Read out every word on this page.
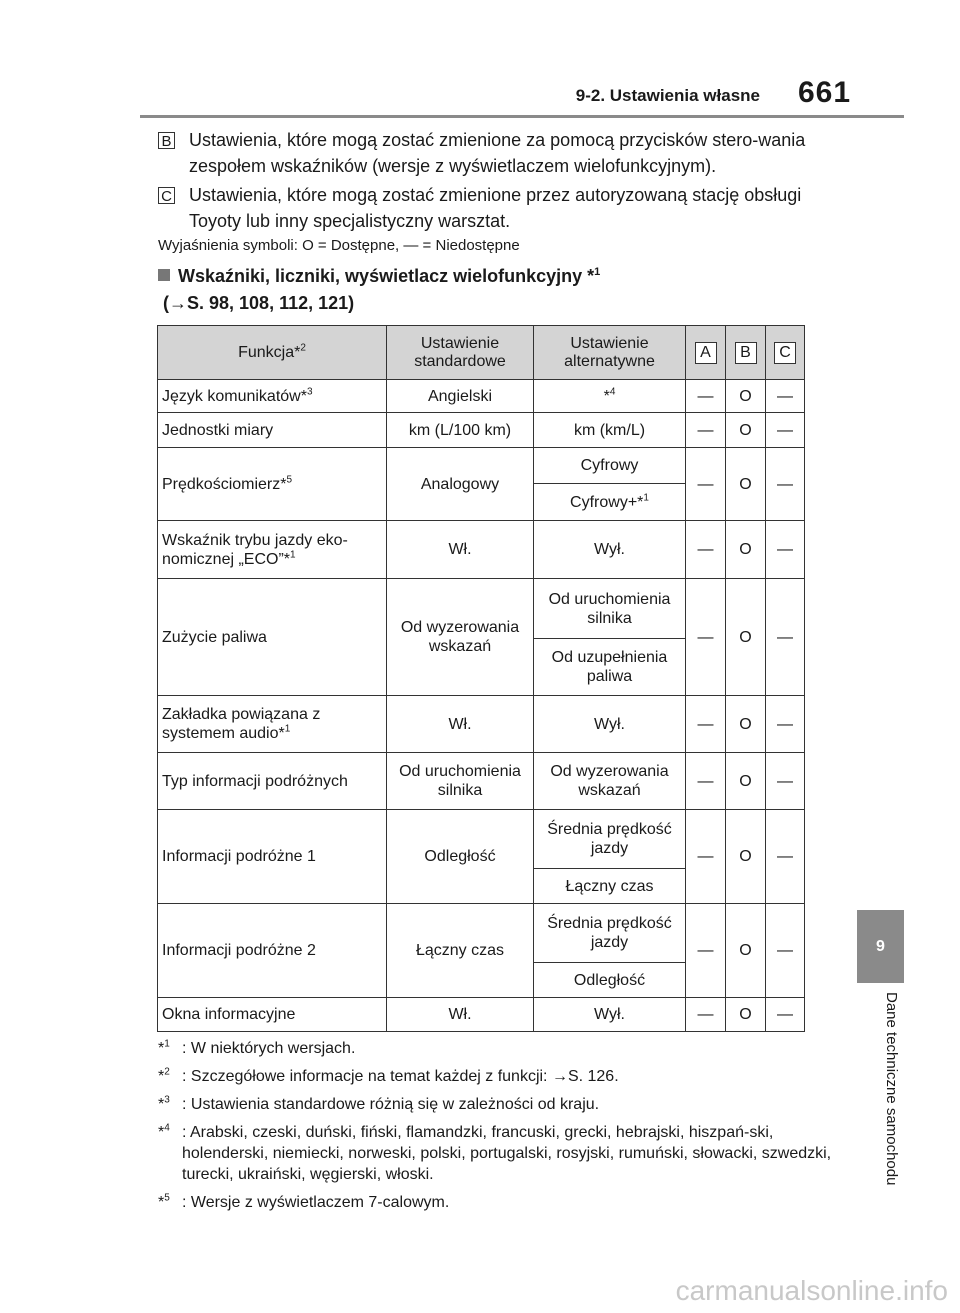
9-2. Ustawienia własne 661
B Ustawienia, które mogą zostać zmienione za pomocą przycisków stero-wania zespołem wskaźników (wersje z wyświetlaczem wielofunkcyjnym).
C Ustawienia, które mogą zostać zmienione przez autoryzowaną stację obsługi Toyoty lub inny specjalistyczny warsztat.
Wyjaśnienia symboli: O = Dostępne, — = Niedostępne
Wskaźniki, liczniki, wyświetlacz wielofunkcyjny *$^1$
(→S. 98, 108, 112, 121)
Funkcja*$^2$	Ustawienie standardowe	Ustawienie alternatywne	A	B	C
Język komunikatów*$^3$	Angielski	*$^4$	—	O	—
Jednostki miary	km (L/100 km)	km (km/L)	—	O	—
Prędkościomierz*$^5$	Analogowy	Cyfrowy	—	O	—
		Cyfrowy+*$^1$
Wskaźnik trybu jazdy eko-nomicznej „ECO”*$^1$	Wł.	Wył.	—	O	—
Zużycie paliwa	Od wyzerowania wskazań	Od uruchomienia silnika	—	O	—
		Od uzupełnienia paliwa			
Zakładka powiązana z systemem audio*$^1$	Wł.	Wył.	—	O	—
Typ informacji podróżnych	Od uruchomienia silnika	Od wyzerowania wskazań	—	O	—
Informacji podróżne 1	Odległość	Średnia prędkość jazdy	—	O	—
		Łączny czas			
Informacji podróżne 2	Łączny czas	Średnia prędkość jazdy	—	O	—
		Odległość			
Okna informacyjne	Wł.	Wył.	—	O	—
*$^1$ : W niektórych wersjach.
*$^2$ : Szczegółowe informacje na temat każdej z funkcji: →S. 126.
*$^3$ : Ustawienia standardowe różnią się w zależności od kraju.
*$^4$ : Arabski, czeski, duński, fiński, flamandzki, francuski, grecki, hebrajski, hiszpań-ski, holenderski, niemiecki, norweski, polski, portugalski, rosyjski, rumuński, słowacki, szwedzki, turecki, ukraiński, węgierski, włoski.
*$^5$ : Wersje z wyświetlaczem 7-calowym.
9
Dane techniczne samochodu
carmanualsonline.info
